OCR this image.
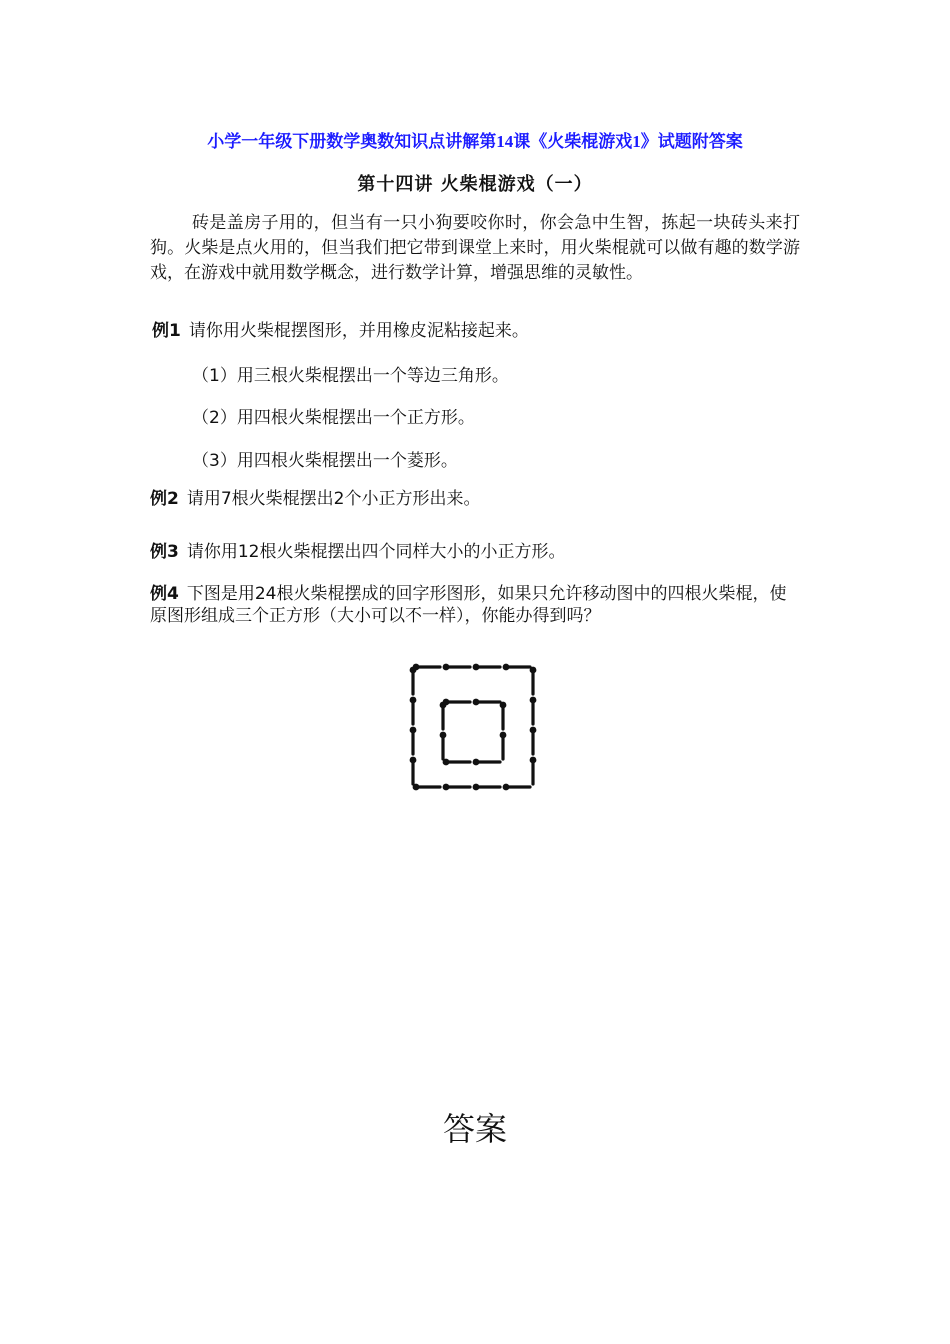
小学一年级下册数学奥数知识点讲解第14课《火柴棍游戏1》试题附答案
第十四讲 火柴棍游戏（一）
砖是盖房子用的，但当有一只小狗要咬你时，你会急中生智，拣起一块砖头来打狗。火柴是点火用的，但当我们把它带到课堂上来时，用火柴棍就可以做有趣的数学游戏，在游戏中就用数学概念，进行数学计算，增强思维的灵敏性。
例1 请你用火柴棍摆图形，并用橡皮泥粘接起来。
（1）用三根火柴棍摆出一个等边三角形。
（2）用四根火柴棍摆出一个正方形。
（3）用四根火柴棍摆出一个菱形。
例2 请用7根火柴棍摆出2个小正方形出来。
例3 请你用12根火柴棍摆出四个同样大小的小正方形。
例4 下图是用24根火柴棍摆成的回字形图形，如果只允许移动图中的四根火柴棍，使原图形组成三个正方形（大小可以不一样），你能办得到吗？
答案
